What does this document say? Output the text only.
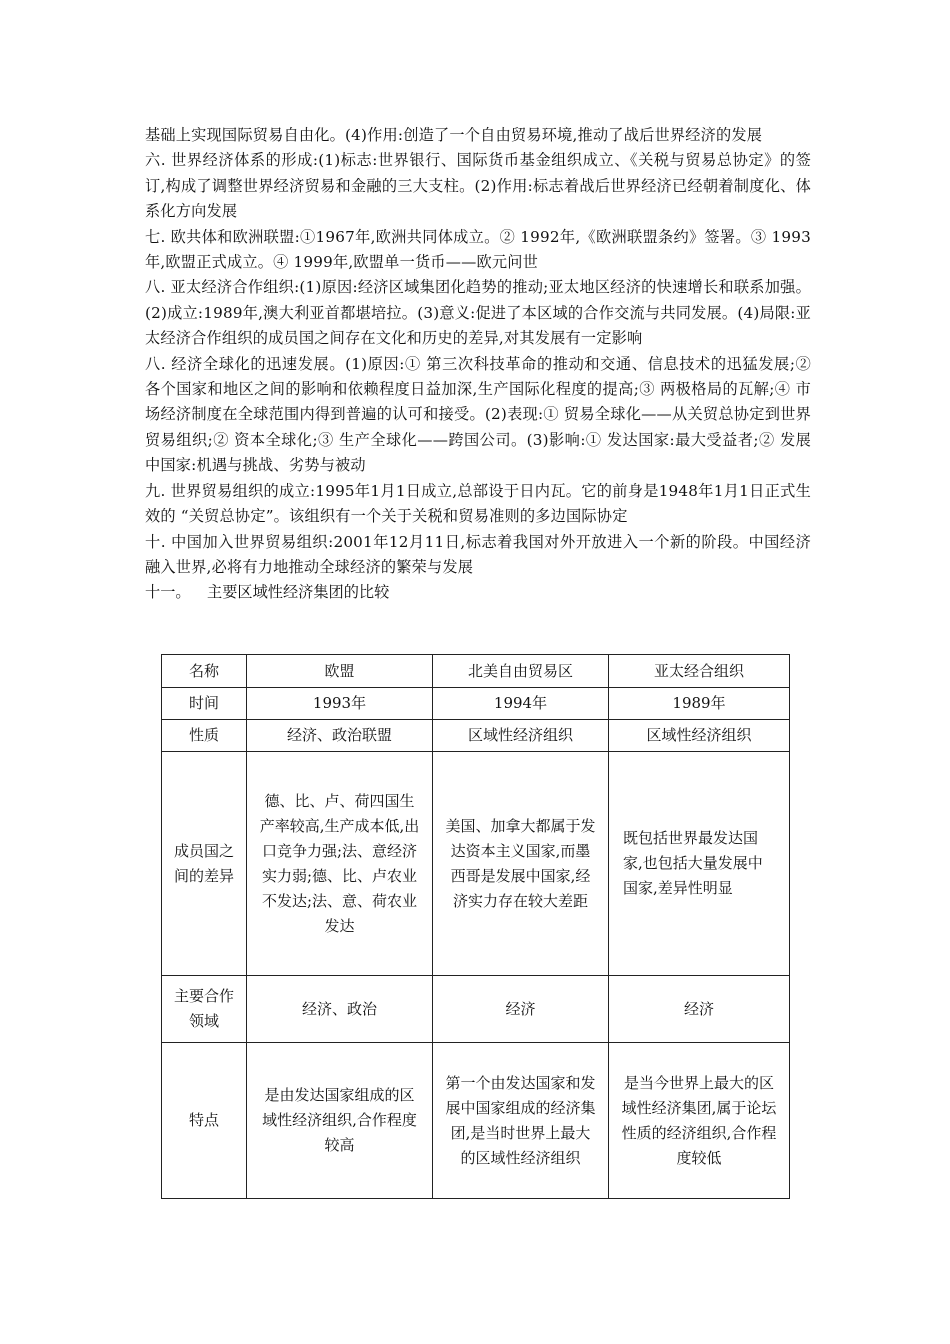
基础上实现国际贸易自由化。(4)作用:创造了一个自由贸易环境,推动了战后世界经济的发展

六. 世界经济体系的形成:(1)标志:世界银行、国际货币基金组织成立、《关税与贸易总协定》的签订,构成了调整世界经济贸易和金融的三大支柱。(2)作用:标志着战后世界经济已经朝着制度化、体系化方向发展

七. 欧共体和欧洲联盟:①1967年,欧洲共同体成立。② 1992年,《欧洲联盟条约》签署。③ 1993年,欧盟正式成立。④ 1999年,欧盟单一货币——欧元问世

八. 亚太经济合作组织:(1)原因:经济区域集团化趋势的推动;亚太地区经济的快速增长和联系加强。(2)成立:1989年,澳大利亚首都堪培拉。(3)意义:促进了本区域的合作交流与共同发展。(4)局限:亚太经济合作组织的成员国之间存在文化和历史的差异,对其发展有一定影响

八. 经济全球化的迅速发展。(1)原因:① 第三次科技革命的推动和交通、信息技术的迅猛发展;② 各个国家和地区之间的影响和依赖程度日益加深,生产国际化程度的提高;③ 两极格局的瓦解;④ 市场经济制度在全球范围内得到普遍的认可和接受。(2)表现:① 贸易全球化——从关贸总协定到世界贸易组织;② 资本全球化;③ 生产全球化——跨国公司。(3)影响:① 发达国家:最大受益者;② 发展中国家:机遇与挑战、劣势与被动

九. 世界贸易组织的成立:1995年1月1日成立,总部设于日内瓦。它的前身是1948年1月1日正式生效的 “关贸总协定”。该组织有一个关于关税和贸易准则的多边国际协定

十. 中国加入世界贸易组织:2001年12月11日,标志着我国对外开放进入一个新的阶段。中国经济融入世界,必将有力地推动全球经济的繁荣与发展

十一。 主要区域性经济集团的比较

名称	欧盟	北美自由贸易区	亚太经合组织
时间	1993年	1994年	1989年
性质	经济、政治联盟	区域性经济组织	区域性经济组织
成员国之间的差异	德、比、卢、荷四国生产率较高,生产成本低,出口竞争力强;法、意经济实力弱;德、比、卢农业不发达;法、意、荷农业发达	美国、加拿大都属于发达资本主义国家,而墨西哥是发展中国家,经济实力存在较大差距	既包括世界最发达国家,也包括大量发展中国家,差异性明显
主要合作领域	经济、政治	经济	经济
特点	是由发达国家组成的区域性经济组织,合作程度较高	第一个由发达国家和发展中国家组成的经济集团,是当时世界上最大的区域性经济组织	是当今世界上最大的区域性经济集团,属于论坛性质的经济组织,合作程度较低
